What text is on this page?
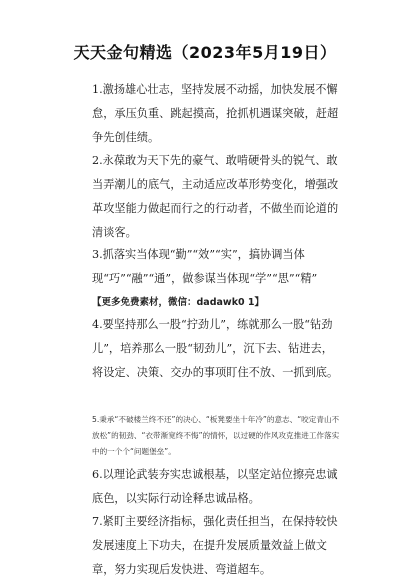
天天金句精选（2023年5月19日）
1.激扬雄心壮志，坚持发展不动摇，加快发展不懈怠，承压负重、跳起摸高，抢抓机遇谋突破，赶超争先创佳绩。
2.永葆敢为天下先的豪气、敢啃硬骨头的锐气、敢当弄潮儿的底气，主动适应改革形势变化，增强改革攻坚能力做起而行之的行动者，不做坐而论道的清谈客。
3.抓落实当体现“勤”“效”“实”，搞协调当体现“巧”“融”“通”，做参谋当体现“学”“思”“精”
【更多免费素材，微信：dadawk0 1】
4.要坚持那么一股“拧劲儿”，练就那么一股“钻劲儿”，培养那么一股“韧劲儿”，沉下去、钻进去，将设定、决策、交办的事项盯住不放、一抓到底。
5.秉承“不破楼兰终不还”的决心、“板凳要坐十年冷”的意志、“咬定青山不放松”的韧劲、“衣带渐宽终不悔”的情怀，以过硬的作风攻克推进工作落实中的一个个“问题堡垒”。
6.以理论武装夯实忠诚根基，以坚定站位擦亮忠诚底色，以实际行动诠释忠诚品格。
7.紧盯主要经济指标，强化责任担当，在保持较快发展速度上下功夫，在提升发展质量效益上做文章，努力实现后发快进、弯道超车。
